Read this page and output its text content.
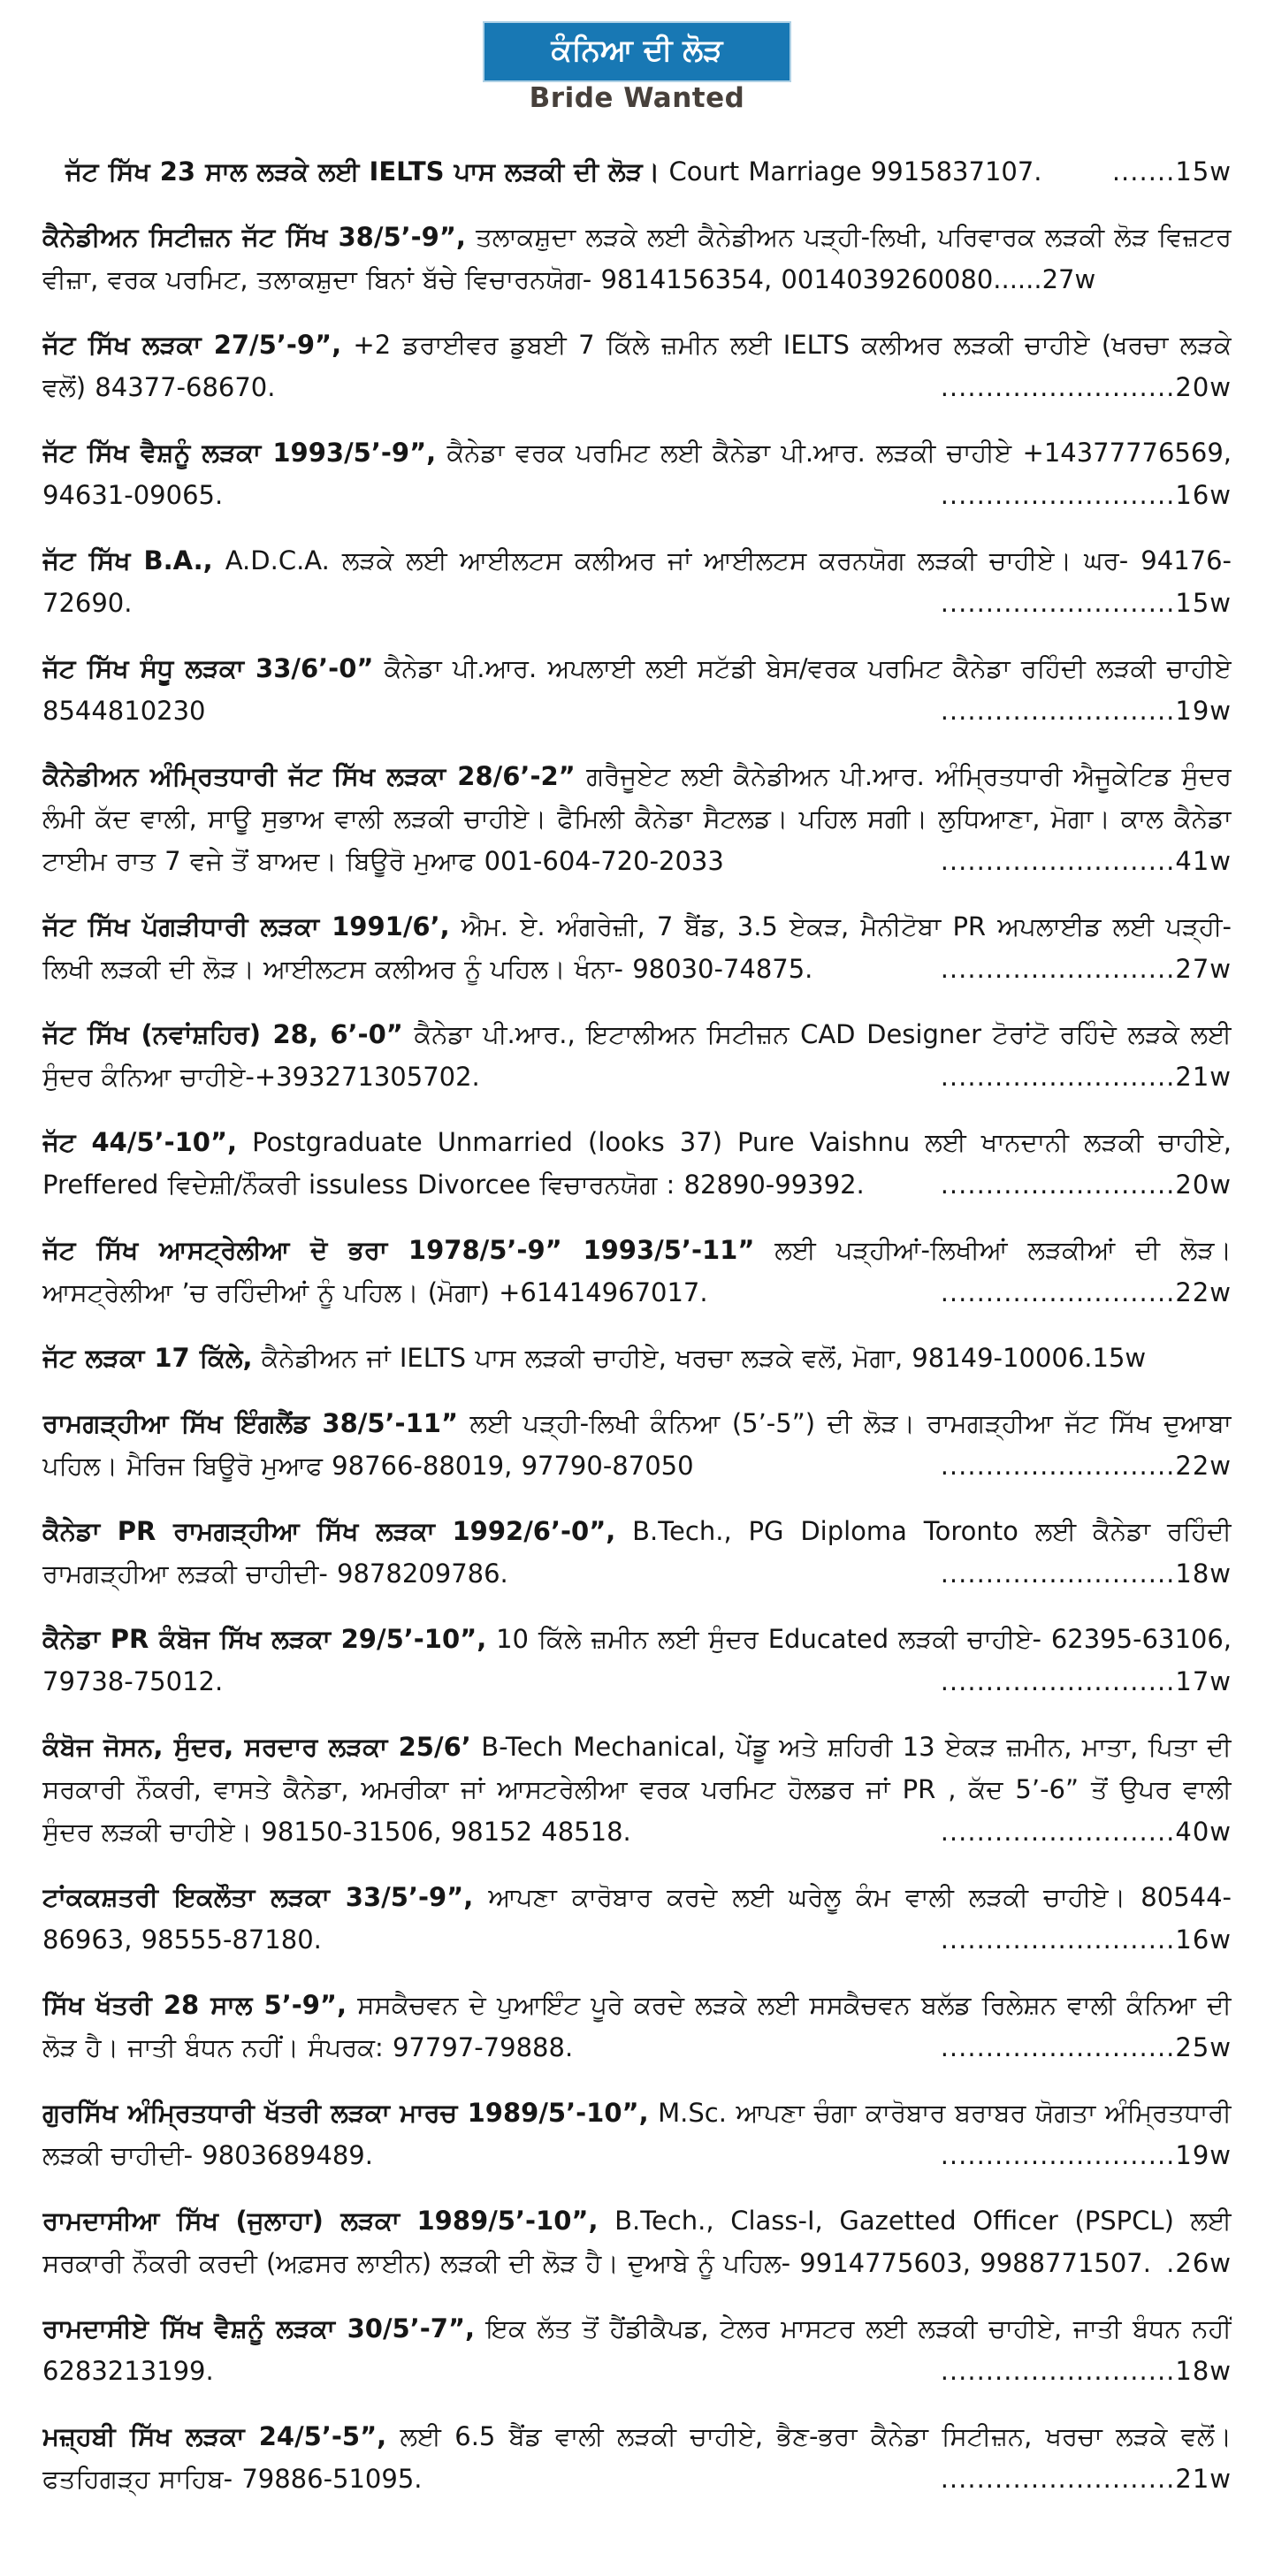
ਕੰਨਿਆ ਦੀ ਲੋੜ
Bride Wanted

ਜੱਟ ਸਿੱਖ 23 ਸਾਲ ਲੜਕੇ ਲਈ IELTS ਪਾਸ ਲੜਕੀ ਦੀ ਲੋੜ। Court Marriage 9915837107.	.......15w

ਕੈਨੇਡੀਅਨ ਸਿਟੀਜ਼ਨ ਜੱਟ ਸਿੱਖ 38/5’-9”, ਤਲਾਕਸ਼ੁਦਾ ਲੜਕੇ ਲਈ ਕੈਨੇਡੀਅਨ ਪੜ੍ਹੀ-ਲਿਖੀ, ਪਰਿਵਾਰਕ ਲੜਕੀ ਲੋੜ ਵਿਜ਼ਟਰ ਵੀਜ਼ਾ, ਵਰਕ ਪਰਮਿਟ, ਤਲਾਕਸ਼ੁਦਾ ਬਿਨਾਂ ਬੱਚੇ ਵਿਚਾਰਨਯੋਗ- 9814156354, 0014039260080......27w

ਜੱਟ ਸਿੱਖ ਲੜਕਾ 27/5’-9”, +2 ਡਰਾਈਵਰ ਡੁਬਈ 7 ਕਿੱਲੇ ਜ਼ਮੀਨ ਲਈ IELTS ਕਲੀਅਰ ਲੜਕੀ ਚਾਹੀਏ (ਖਰਚਾ ਲੜਕੇ ਵਲੋਂ) 84377-68670.	..........................20w

ਜੱਟ ਸਿੱਖ ਵੈਸ਼ਨੂੰ ਲੜਕਾ 1993/5’-9”, ਕੈਨੇਡਾ ਵਰਕ ਪਰਮਿਟ ਲਈ ਕੈਨੇਡਾ ਪੀ.ਆਰ. ਲੜਕੀ ਚਾਹੀਏ +14377776569, 94631-09065.	..........................16w

ਜੱਟ ਸਿੱਖ B.A., A.D.C.A. ਲੜਕੇ ਲਈ ਆਈਲਟਸ ਕਲੀਅਰ ਜਾਂ ਆਈਲਟਸ ਕਰਨਯੋਗ ਲੜਕੀ ਚਾਹੀਏ। ਘਰ- 94176-72690.	..........................15w

ਜੱਟ ਸਿੱਖ ਸੰਧੂ ਲੜਕਾ 33/6’-0” ਕੈਨੇਡਾ ਪੀ.ਆਰ. ਅਪਲਾਈ ਲਈ ਸਟੱਡੀ ਬੇਸ/ਵਰਕ ਪਰਮਿਟ ਕੈਨੇਡਾ ਰਹਿੰਦੀ ਲੜਕੀ ਚਾਹੀਏ 8544810230	..........................19w

ਕੈਨੇਡੀਅਨ ਅੰਮ੍ਰਿਤਧਾਰੀ ਜੱਟ ਸਿੱਖ ਲੜਕਾ 28/6’-2” ਗਰੈਜੂਏਟ ਲਈ ਕੈਨੇਡੀਅਨ ਪੀ.ਆਰ. ਅੰਮ੍ਰਿਤਧਾਰੀ ਐਜੂਕੇਟਿਡ ਸੁੰਦਰ ਲੰਮੀ ਕੱਦ ਵਾਲੀ, ਸਾਊ ਸੁਭਾਅ ਵਾਲੀ ਲੜਕੀ ਚਾਹੀਏ। ਫੈਮਿਲੀ ਕੈਨੇਡਾ ਸੈਟਲਡ। ਪਹਿਲ ਸਗੀ। ਲੁਧਿਆਣਾ, ਮੋਗਾ। ਕਾਲ ਕੈਨੇਡਾ ਟਾਈਮ ਰਾਤ 7 ਵਜੇ ਤੋਂ ਬਾਅਦ। ਬਿਊਰੋ ਮੁਆਫ 001-604-720-2033	..........................41w

ਜੱਟ ਸਿੱਖ ਪੱਗੜੀਧਾਰੀ ਲੜਕਾ 1991/6’, ਐਮ. ਏ. ਅੰਗਰੇਜ਼ੀ, 7 ਬੈਂਡ, 3.5 ਏਕੜ, ਮੈਨੀਟੋਬਾ PR ਅਪਲਾਈਡ ਲਈ ਪੜ੍ਹੀ-ਲਿਖੀ ਲੜਕੀ ਦੀ ਲੋੜ। ਆਈਲਟਸ ਕਲੀਅਰ ਨੂੰ ਪਹਿਲ। ਖੰਨਾ- 98030-74875.	..........................27w

ਜੱਟ ਸਿੱਖ (ਨਵਾਂਸ਼ਹਿਰ) 28, 6’-0” ਕੈਨੇਡਾ ਪੀ.ਆਰ., ਇਟਾਲੀਅਨ ਸਿਟੀਜ਼ਨ CAD Designer ਟੋਰਾਂਟੋ ਰਹਿੰਦੇ ਲੜਕੇ ਲਈ ਸੁੰਦਰ ਕੰਨਿਆ ਚਾਹੀਏ-+393271305702.	..........................21w

ਜੱਟ 44/5’-10”, Postgraduate Unmarried (looks 37) Pure Vaishnu ਲਈ ਖਾਨਦਾਨੀ ਲੜਕੀ ਚਾਹੀਏ, Preffered ਵਿਦੇਸ਼ੀ/ਨੌਕਰੀ issuless Divorcee ਵਿਚਾਰਨਯੋਗ : 82890-99392.	..........................20w

ਜੱਟ ਸਿੱਖ ਆਸਟ੍ਰੇਲੀਆ ਦੋ ਭਰਾ 1978/5’-9” 1993/5’-11” ਲਈ ਪੜ੍ਹੀਆਂ-ਲਿਖੀਆਂ ਲੜਕੀਆਂ ਦੀ ਲੋੜ। ਆਸਟ੍ਰੇਲੀਆ ’ਚ ਰਹਿੰਦੀਆਂ ਨੂੰ ਪਹਿਲ। (ਮੋਗਾ) +61414967017.	..........................22w

ਜੱਟ ਲੜਕਾ 17 ਕਿੱਲੇ, ਕੈਨੇਡੀਅਨ ਜਾਂ IELTS ਪਾਸ ਲੜਕੀ ਚਾਹੀਏ, ਖਰਚਾ ਲੜਕੇ ਵਲੋਂ, ਮੋਗਾ, 98149-10006.15w

ਰਾਮਗੜ੍ਹੀਆ ਸਿੱਖ ਇੰਗਲੈਂਡ 38/5’-11” ਲਈ ਪੜ੍ਹੀ-ਲਿਖੀ ਕੰਨਿਆ (5’-5”) ਦੀ ਲੋੜ। ਰਾਮਗੜ੍ਹੀਆ ਜੱਟ ਸਿੱਖ ਦੁਆਬਾ ਪਹਿਲ। ਮੈਰਿਜ ਬਿਊਰੋ ਮੁਆਫ 98766-88019, 97790-87050	..........................22w

ਕੈਨੇਡਾ PR ਰਾਮਗੜ੍ਹੀਆ ਸਿੱਖ ਲੜਕਾ 1992/6’-0”, B.Tech., PG Diploma Toronto ਲਈ ਕੈਨੇਡਾ ਰਹਿੰਦੀ ਰਾਮਗੜ੍ਹੀਆ ਲੜਕੀ ਚਾਹੀਦੀ- 9878209786.	..........................18w

ਕੈਨੇਡਾ PR ਕੰਬੋਜ ਸਿੱਖ ਲੜਕਾ 29/5’-10”, 10 ਕਿੱਲੇ ਜ਼ਮੀਨ ਲਈ ਸੁੰਦਰ Educated ਲੜਕੀ ਚਾਹੀਏ- 62395-63106, 79738-75012.	..........................17w

ਕੰਬੋਜ ਜੋਸਨ, ਸੁੰਦਰ, ਸਰਦਾਰ ਲੜਕਾ 25/6’ B-Tech Mechanical, ਪੇਂਡੂ ਅਤੇ ਸ਼ਹਿਰੀ 13 ਏਕੜ ਜ਼ਮੀਨ, ਮਾਤਾ, ਪਿਤਾ ਦੀ ਸਰਕਾਰੀ ਨੌਕਰੀ, ਵਾਸਤੇ ਕੈਨੇਡਾ, ਅਮਰੀਕਾ ਜਾਂ ਆਸਟਰੇਲੀਆ ਵਰਕ ਪਰਮਿਟ ਹੋਲਡਰ ਜਾਂ PR , ਕੱਦ 5’-6” ਤੋਂ ਉਪਰ ਵਾਲੀ ਸੁੰਦਰ ਲੜਕੀ ਚਾਹੀਏ। 98150-31506, 98152 48518.	..........................40w

ਟਾਂਕਕਸ਼ਤਰੀ ਇਕਲੌਤਾ ਲੜਕਾ 33/5’-9”, ਆਪਣਾ ਕਾਰੋਬਾਰ ਕਰਦੇ ਲਈ ਘਰੇਲੂ ਕੰਮ ਵਾਲੀ ਲੜਕੀ ਚਾਹੀਏ। 80544-86963, 98555-87180.	..........................16w

ਸਿੱਖ ਖੱਤਰੀ 28 ਸਾਲ 5’-9”, ਸਸਕੈਚਵਨ ਦੇ ਪੁਆਇੰਟ ਪੂਰੇ ਕਰਦੇ ਲੜਕੇ ਲਈ ਸਸਕੈਚਵਨ ਬਲੱਡ ਰਿਲੇਸ਼ਨ ਵਾਲੀ ਕੰਨਿਆ ਦੀ ਲੋੜ ਹੈ। ਜਾਤੀ ਬੰਧਨ ਨਹੀਂ। ਸੰਪਰਕ: 97797-79888.	..........................25w

ਗੁਰਸਿੱਖ ਅੰਮ੍ਰਿਤਧਾਰੀ ਖੱਤਰੀ ਲੜਕਾ ਮਾਰਚ 1989/5’-10”, M.Sc. ਆਪਣਾ ਚੰਗਾ ਕਾਰੋਬਾਰ ਬਰਾਬਰ ਯੋਗਤਾ ਅੰਮ੍ਰਿਤਧਾਰੀ ਲੜਕੀ ਚਾਹੀਦੀ- 9803689489.	..........................19w

ਰਾਮਦਾਸੀਆ ਸਿੱਖ (ਜੁਲਾਹਾ) ਲੜਕਾ 1989/5’-10”, B.Tech., Class-I, Gazetted Officer (PSPCL) ਲਈ ਸਰਕਾਰੀ ਨੌਕਰੀ ਕਰਦੀ (ਅਫ਼ਸਰ ਲਾਈਨ) ਲੜਕੀ ਦੀ ਲੋੜ ਹੈ। ਦੁਆਬੇ ਨੂੰ ਪਹਿਲ- 9914775603, 9988771507. .26w

ਰਾਮਦਾਸੀਏ ਸਿੱਖ ਵੈਸ਼ਨੂੰ ਲੜਕਾ 30/5’-7”, ਇਕ ਲੱਤ ਤੋਂ ਹੈਂਡੀਕੈਪਡ, ਟੇਲਰ ਮਾਸਟਰ ਲਈ ਲੜਕੀ ਚਾਹੀਏ, ਜਾਤੀ ਬੰਧਨ ਨਹੀਂ 6283213199.	..........................18w

ਮਜ਼੍ਹਬੀ ਸਿੱਖ ਲੜਕਾ 24/5’-5”, ਲਈ 6.5 ਬੈਂਡ ਵਾਲੀ ਲੜਕੀ ਚਾਹੀਏ, ਭੈਣ-ਭਰਾ ਕੈਨੇਡਾ ਸਿਟੀਜ਼ਨ, ਖਰਚਾ ਲੜਕੇ ਵਲੋਂ। ਫਤਹਿਗੜ੍ਹ ਸਾਹਿਬ- 79886-51095.	..........................21w
